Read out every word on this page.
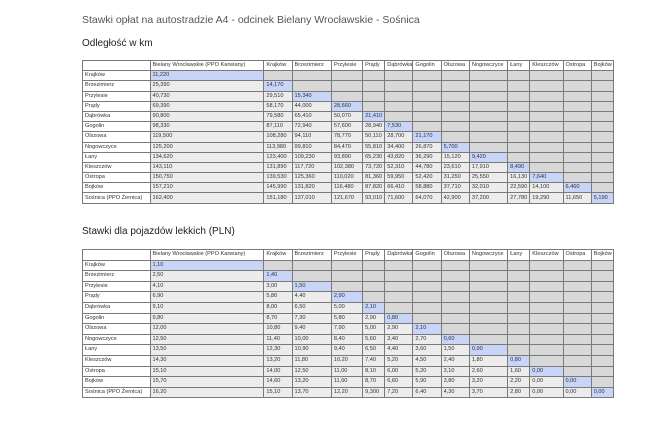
Stawki opłat na autostradzie A4 - odcinek Bielany Wrocławskie - Sośnica
Odległość w km
	Bielany Wrocławskie (PPO Karwiany)	Krajków	Brzezimierz	Przylesie	Prądy	Dąbrówka	Gogolin	Olszowa	Nogowczyce	Łany	Kleszczów	Ostropa	Bojków
Krajków	11,220												
Brzezimierz	25,390	14,170											
Przylesie	40,730	29,510	15,340										
Prądy	69,390	58,170	44,000	28,660									
Dąbrówka	90,800	79,580	65,410	50,070	21,410								
Gogolin	98,330	87,110	72,940	57,600	28,940	7,530							
Olszowa	119,500	108,280	94,110	78,770	50,110	28,700	21,170						
Nogowczyce	125,200	113,980	99,810	84,470	55,810	34,400	26,870	5,700					
Łany	134,620	123,400	109,230	93,890	65,230	43,820	36,290	15,120	9,420				
Kleszczów	143,110	131,890	117,720	102,380	73,720	52,310	44,780	23,610	17,910	8,490			
Ostropa	150,750	139,530	125,360	110,020	81,360	59,950	52,420	31,250	25,550	16,130	7,640		
Bojków	157,210	145,990	131,820	116,480	87,820	66,410	58,880	37,710	32,010	22,590	14,100	6,460	
Sośnica (PPO Żernica)	162,400	151,180	137,010	121,670	93,010	71,600	64,070	42,900	37,200	27,780	19,290	11,650	5,190
Stawki dla pojazdów lekkich (PLN)
	Bielany Wrocławskie (PPO Karwiany)	Krajków	Brzezimierz	Przylesie	Prądy	Dąbrówka	Gogolin	Olszowa	Nogowczyce	Łany	Kleszczów	Ostropa	Bojków
Krajków	1,10												
Brzezimierz	2,50	1,40											
Przylesie	4,10	3,00	1,50										
Prądy	6,90	5,80	4,40	2,90									
Dąbrówka	9,10	8,00	6,50	5,00	2,10								
Gogolin	9,80	8,70	7,30	5,80	2,90	0,80							
Olszowa	12,00	10,80	9,40	7,90	5,00	2,90	2,10						
Nogowczyce	12,50	11,40	10,00	8,40	5,60	3,40	2,70	0,60					
Łany	13,50	12,30	10,90	9,40	6,50	4,40	3,60	1,50	0,90				
Kleszczów	14,30	13,20	11,80	10,20	7,40	5,20	4,50	2,40	1,80	0,80			
Ostropa	15,10	14,00	12,50	11,00	8,10	6,00	5,20	3,10	2,60	1,60	0,00		
Bojków	15,70	14,60	13,20	11,60	8,70	6,60	5,90	3,80	3,20	2,20	0,00	0,00	
Sośnica (PPO Żernica)	16,20	15,10	13,70	12,20	9,300	7,20	6,40	4,30	3,70	2,80	0,00	0,00	0,00
